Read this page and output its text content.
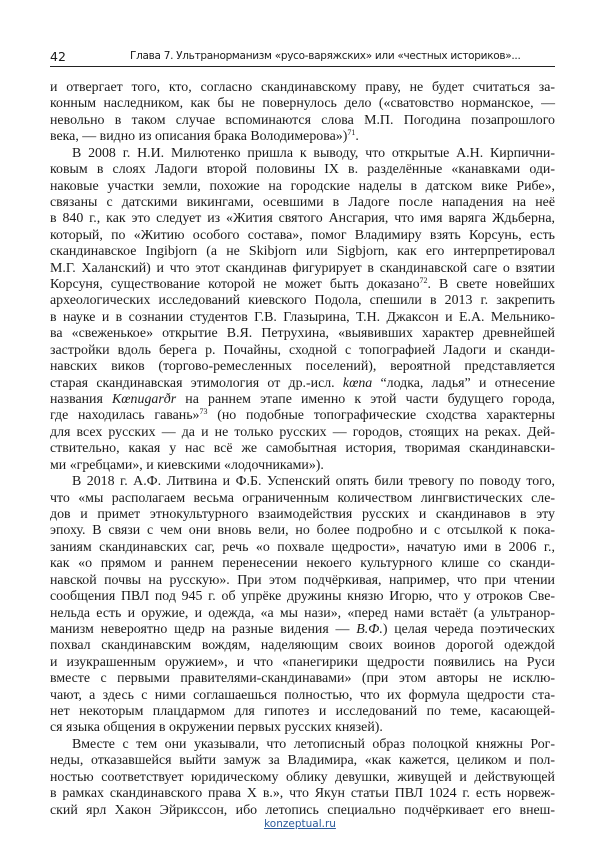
42	Глава 7. Ультранорманизм «русо-варяжских» или «честных историков»...
и отвергает того, кто, согласно скандинавскому праву, не будет считаться за-
конным наследником, как бы не повернулось дело («сватовство норманское, —
невольно в таком случае вспоминаются слова М.П. Погодина позапрошлого
века, — видно из описания брака Володимерова»)$^{71}$.
В 2008 г. Н.И. Милютенко пришла к выводу, что открытые А.Н. Кирпични-
ковым в слоях Ладоги второй половины IX в. разделённые «канавками оди-
наковые участки земли, похожие на городские наделы в датском вике Рибе»,
связаны с датскими викингами, осевшими в Ладоге после нападения на неё
в 840 г., как это следует из «Жития святого Ансгария, что имя варяга Ждьберна,
который, по «Житию особого состава», помог Владимиру взять Корсунь, есть
скандинавское Ingibjorn (а не Skibjorn или Sigbjorn, как его интерпретировал
М.Г. Халанский) и что этот скандинав фигурирует в скандинавской саге о взятии
Корсуня, существование которой не может быть доказано$^{72}$. В свете новейших
археологических исследований киевского Подола, спешили в 2013 г. закрепить
в науке и в сознании студентов Г.В. Глазырина, Т.Н. Джаксон и Е.А. Мельнико-
ва «свеженькое» открытие В.Я. Петрухина, «выявивших характер древнейшей
застройки вдоль берега р. Почайны, сходной с топографией Ладоги и сканди-
навских виков (торгово-ремесленных поселений), вероятной представляется
старая скандинавская этимология от др.-исл. kœna “лодка, ладья” и отнесение
названия Kœnugarðr на раннем этапе именно к этой части будущего города,
где находилась гавань»$^{73}$ (но подобные топографические сходства характерны
для всех русских — да и не только русских — городов, стоящих на реках. Дей-
ствительно, какая у нас всё же самобытная история, творимая скандинавски-
ми «гребцами», и киевскими «лодочниками»).
В 2018 г. А.Ф. Литвина и Ф.Б. Успенский опять били тревогу по поводу того,
что «мы располагаем весьма ограниченным количеством лингвистических сле-
дов и примет этнокультурного взаимодействия русских и скандинавов в эту
эпоху. В связи с чем они вновь вели, но более подробно и с отсылкой к пока-
заниям скандинавских саг, речь «о похвале щедрости», начатую ими в 2006 г.,
как «о прямом и раннем перенесении некоего культурного клише со сканди-
навской почвы на русскую». При этом подчёркивая, например, что при чтении
сообщения ПВЛ под 945 г. об упрёке дружины князю Игорю, что у отроков Све-
нельда есть и оружие, и одежда, «а мы нази», «перед нами встаёт (а ультранор-
манизм невероятно щедр на разные видения — В.Ф.) целая череда поэтических
похвал скандинавским вождям, наделяющим своих воинов дорогой одеждой
и изукрашенным оружием», и что «панегирики щедрости появились на Руси
вместе с первыми правителями-скандинавами» (при этом авторы не исклю-
чают, а здесь с ними соглашаешься полностью, что их формула щедрости ста-
нет некоторым плацдармом для гипотез и исследований по теме, касающей-
ся языка общения в окружении первых русских князей).
Вместе с тем они указывали, что летописный образ полоцкой княжны Рог-
неды, отказавшейся выйти замуж за Владимира, «как кажется, целиком и пол-
ностью соответствует юридическому облику девушки, живущей и действующей
в рамках скандинавского права X в.», что Якун статьи ПВЛ 1024 г. есть норвеж-
ский ярл Хакон Эйрикссон, ибо летопись специально подчёркивает его внеш-
konzeptual.ru
